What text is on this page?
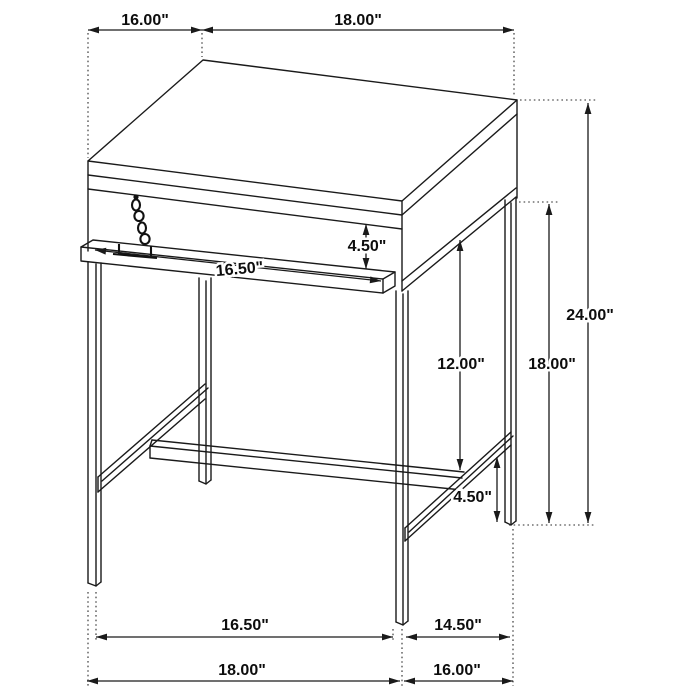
16.00"	18.00"
4.50"
16.50"
12.00"	18.00"
24.00"
4.50"
16.50"	14.50"
18.00"	16.00"
